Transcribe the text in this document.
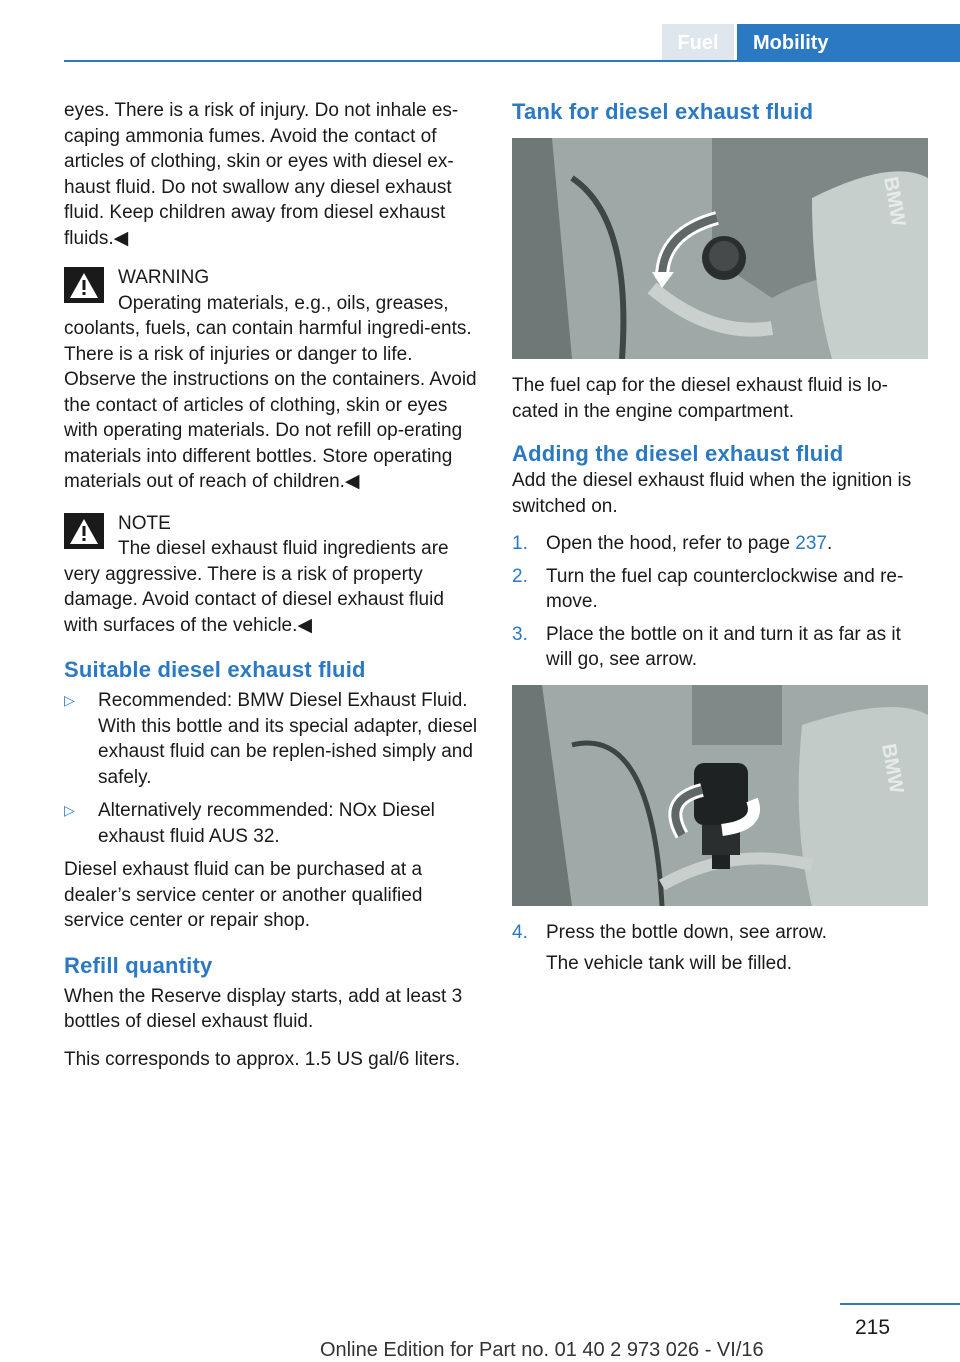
Fuel	Mobility

eyes. There is a risk of injury. Do not inhale es‐caping ammonia fumes. Avoid the contact of articles of clothing, skin or eyes with diesel ex‐haust fluid. Do not swallow any diesel exhaust fluid. Keep children away from diesel exhaust fluids.◀

WARNING
Operating materials, e.g., oils, greases, coolants, fuels, can contain harmful ingredi‐ents. There is a risk of injuries or danger to life. Observe the instructions on the containers. Avoid the contact of articles of clothing, skin or eyes with operating materials. Do not refill op‐erating materials into different bottles. Store operating materials out of reach of children.◀
NOTE
The diesel exhaust fluid ingredients are very aggressive. There is a risk of property damage. Avoid contact of diesel exhaust fluid with surfaces of the vehicle.◀
Suitable diesel exhaust fluid
▷ Recommended: BMW Diesel Exhaust Fluid. With this bottle and its special adapter, diesel exhaust fluid can be replen‐ished simply and safely.
▷ Alternatively recommended: NOx Diesel exhaust fluid AUS 32.

Diesel exhaust fluid can be purchased at a dealer’s service center or another qualified service center or repair shop.

Refill quantity

When the Reserve display starts, add at least 3 bottles of diesel exhaust fluid.

This corresponds to approx. 1.5 US gal/6 liters.

Tank for diesel exhaust fluid
BMW

The fuel cap for the diesel exhaust fluid is lo‐cated in the engine compartment.

Adding the diesel exhaust fluid

Add the diesel exhaust fluid when the ignition is switched on.

1. Open the hood, refer to page 237.
2. Turn the fuel cap counterclockwise and re‐move.
3. Place the bottle on it and turn it as far as it will go, see arrow.
BMW
4. Press the bottle down, see arrow.
The vehicle tank will be filled.
215
Online Edition for Part no. 01 40 2 973 026 - VI/16
